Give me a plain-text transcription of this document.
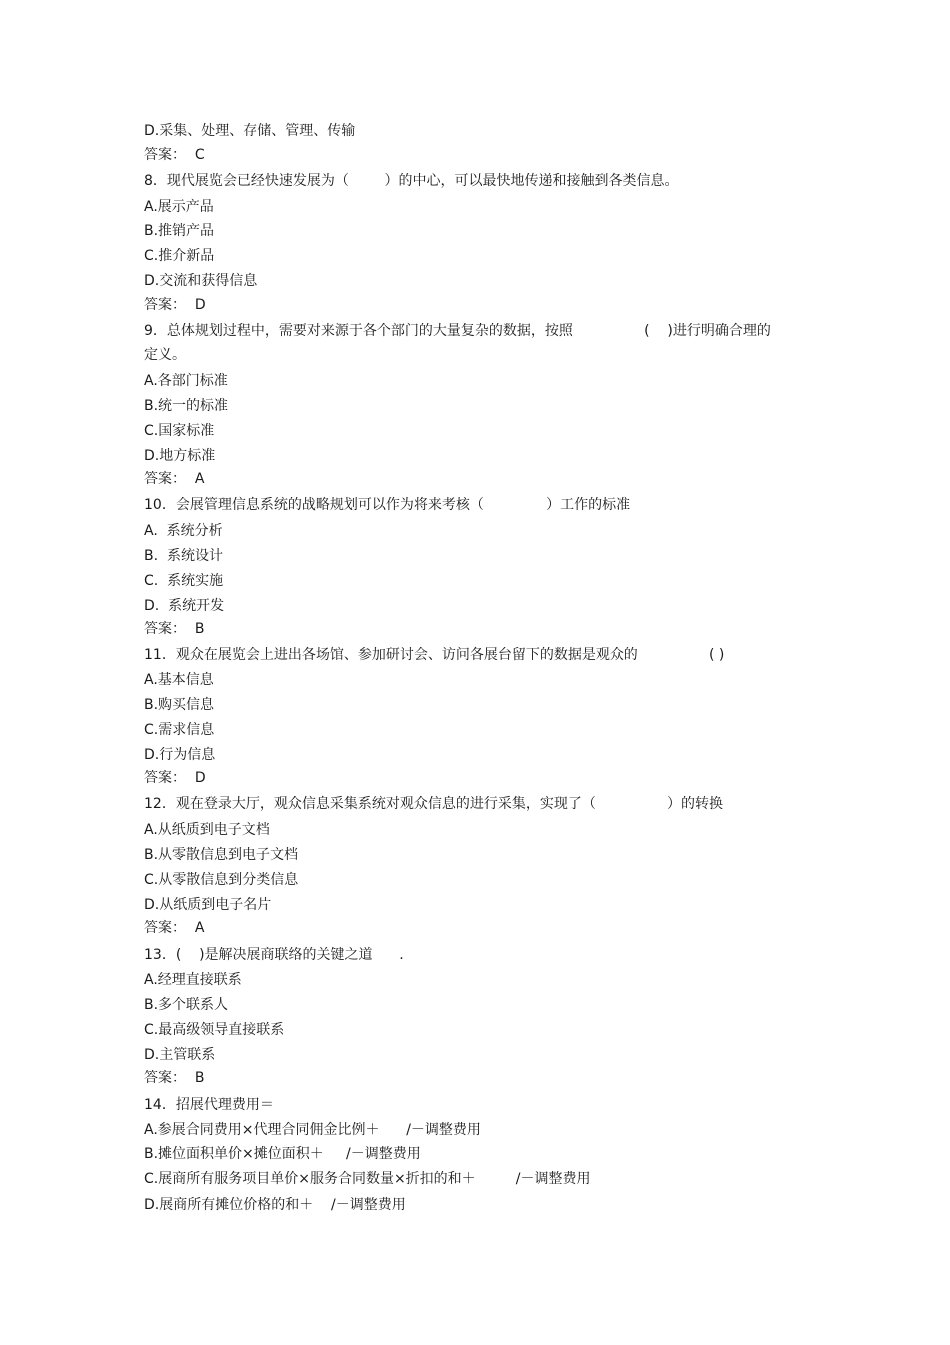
D.采集、处理、存储、管理、传输
答案：  C
8．现代展览会已经快速发展为（        ）的中心，可以最快地传递和接触到各类信息。
A.展示产品
B.推销产品
C.推介新品
D.交流和获得信息
答案：  D
9．总体规划过程中，需要对来源于各个部门的大量复杂的数据，按照                (    )进行明确合理的
定义。
A.各部门标准
B.统一的标准
C.国家标准
D.地方标准
答案：  A
10．会展管理信息系统的战略规划可以作为将来考核（              ）工作的标准
A.  系统分析
B.  系统设计
C.  系统实施
D.  系统开发
答案：  B
11．观众在展览会上进出各场馆、参加研讨会、访问各展台留下的数据是观众的                ( )
A.基本信息
B.购买信息
C.需求信息
D.行为信息
答案：  D
12．观在登录大厅，观众信息采集系统对观众信息的进行采集，实现了（                ）的转换
A.从纸质到电子文档
B.从零散信息到电子文档
C.从零散信息到分类信息
D.从纸质到电子名片
答案：  A
13．(    )是解决展商联络的关键之道      .
A.经理直接联系
B.多个联系人
C.最高级领导直接联系
D.主管联系
答案：  B
14．招展代理费用＝
A.参展合同费用×代理合同佣金比例＋      /－调整费用
B.摊位面积单价×摊位面积＋     /－调整费用
C.展商所有服务项目单价×服务合同数量×折扣的和＋         /－调整费用
D.展商所有摊位价格的和＋    /－调整费用
